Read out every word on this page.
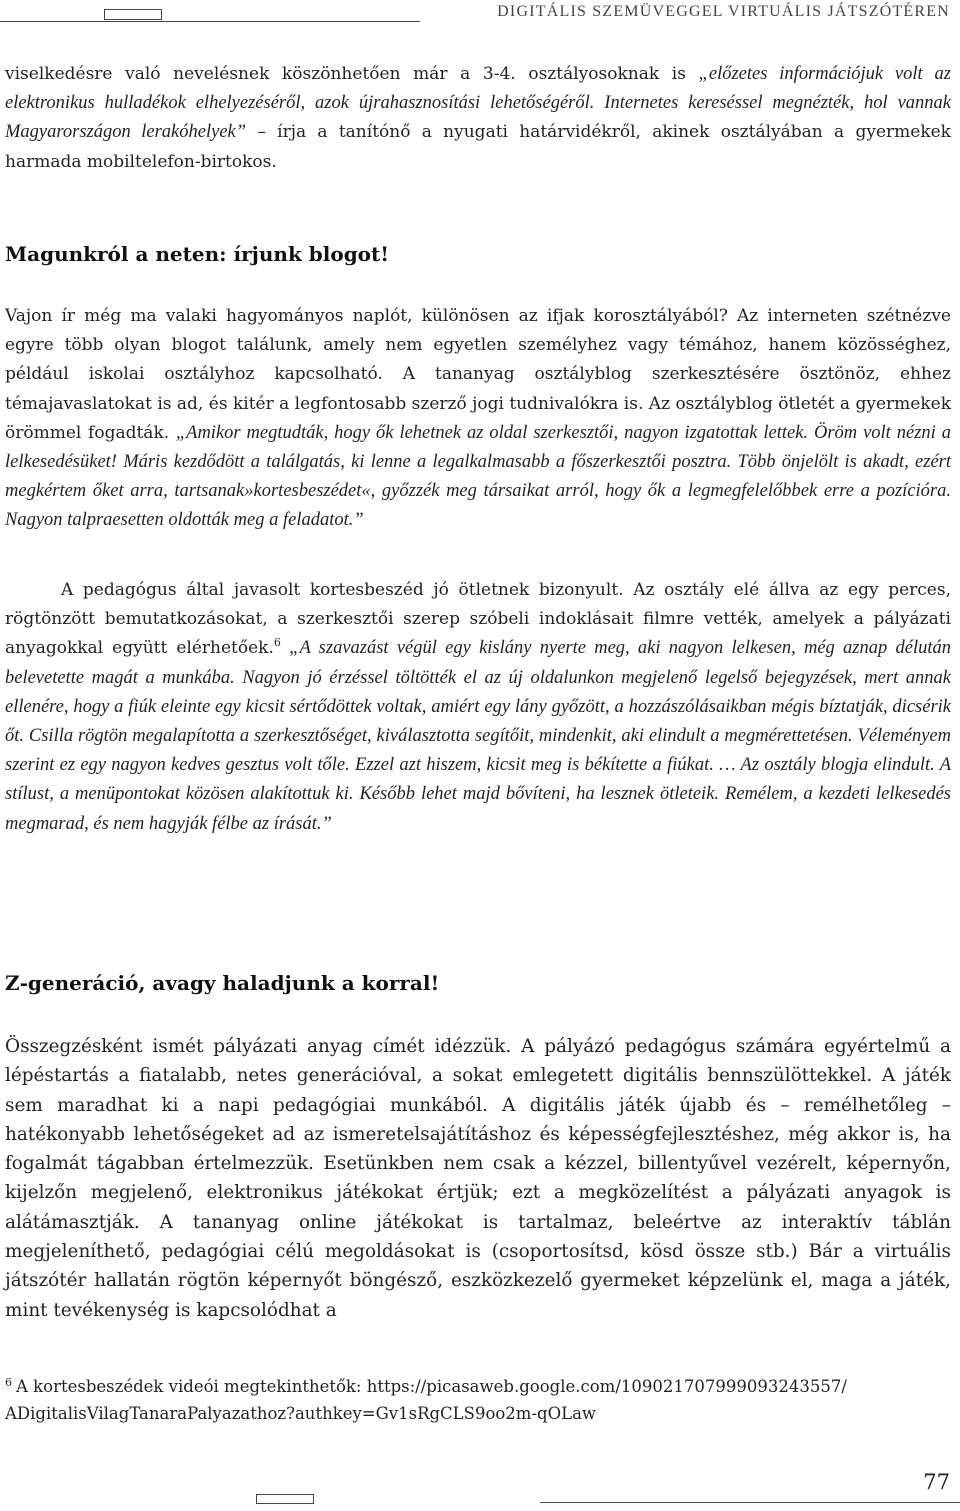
DIGITÁLIS SZEMÜVEGGEL VIRTUÁLIS JÁTSZÓTÉREN
viselkedésre való nevelésnek köszönhetően már a 3-4. osztályosoknak is „előzetes információjuk volt az elektronikus hulladékok elhelyezéséről, azok újrahasznosítási lehetőségéről. Internetes kereséssel megnézték, hol vannak Magyarországon lerakóhelyek” – írja a tanítónő a nyugati határvidékről, akinek osztályában a gyermekek harmada mobiltelefon-birtokos.
Magunkról a neten: írjunk blogot!
Vajon ír még ma valaki hagyományos naplót, különösen az ifjak korosztályából? Az interneten szétnézve egyre több olyan blogot találunk, amely nem egyetlen személyhez vagy témához, hanem közösséghez, például iskolai osztályhoz kapcsolható. A tananyag osztályblog szerkesztésére ösztönöz, ehhez témajavaslatokat is ad, és kitér a legfontosabb szerző jogi tudnivalókra is. Az osztályblog ötletét a gyermekek örömmel fogadták. „Amikor megtudták, hogy ők lehetnek az oldal szerkesztői, nagyon izgatottak lettek. Öröm volt nézni a lelkesedésüket! Máris kezdődött a találgatás, ki lenne a legalkalmasabb a főszerkesztői posztra. Több önjelölt is akadt, ezért megkértem őket arra, tartsanak»kortesbeszédet«, győzzék meg társaikat arról, hogy ők a legmegfelelőbbek erre a pozícióra. Nagyon talpraesetten oldották meg a feladatot.”
A pedagógus által javasolt kortesbeszéd jó ötletnek bizonyult. Az osztály elé állva az egy perces, rögtönzött bemutatkozásokat, a szerkesztői szerep szóbeli indoklásait filmre vették, amelyek a pályázati anyagokkal együtt elérhetőek.$^6$ „A szavazást végül egy kislány nyerte meg, aki nagyon lelkesen, még aznap délután belevetette magát a munkába. Nagyon jó érzéssel töltötték el az új oldalunkon megjelenő legelső bejegyzések, mert annak ellenére, hogy a fiúk eleinte egy kicsit sértődöttek voltak, amiért egy lány győzött, a hozzászólásaikban mégis bíztatják, dicsérik őt. Csilla rögtön megalapította a szerkesztőséget, kiválasztotta segítőit, mindenkit, aki elindult a megmérettetésen. Véleményem szerint ez egy nagyon kedves gesztus volt tőle. Ezzel azt hiszem, kicsit meg is békítette a fiúkat. … Az osztály blogja elindult. A stílust, a menüpontokat közösen alakítottuk ki. Később lehet majd bővíteni, ha lesznek ötleteik. Remélem, a kezdeti lelkesedés megmarad, és nem hagyják félbe az írását.”
Z-generáció, avagy haladjunk a korral!
Összegzésként ismét pályázati anyag címét idézzük. A pályázó pedagógus számára egyértelmű a lépéstartás a fiatalabb, netes generációval, a sokat emlegetett digitális bennszülöttekkel. A játék sem maradhat ki a napi pedagógiai munkából. A digitális játék újabb és – remélhetőleg – hatékonyabb lehetőségeket ad az ismeretelsajátításhoz és képességfejlesztéshez, még akkor is, ha fogalmát tágabban értelmezzük. Esetünkben nem csak a kézzel, billentyűvel vezérelt, képernyőn, kijelzőn megjelenő, elektronikus játékokat értjük; ezt a megközelítést a pályázati anyagok is alátámasztják. A tananyag online játékokat is tartalmaz, beleértve az interaktív táblán megjeleníthető, pedagógiai célú megoldásokat is (csoportosítsd, kösd össze stb.) Bár a virtuális játszótér hallatán rögtön képernyőt böngésző, eszközkezelő gyermeket képzelünk el, maga a játék, mint tevékenység is kapcsolódhat a
$^6$ A kortesbeszédek videói megtekinthetők: https://picasaweb.google.com/109021707999093243557/ ADigitalisVilagTanaraPalyazathoz?authkey=Gv1sRgCLS9oo2m-qOLaw
77
